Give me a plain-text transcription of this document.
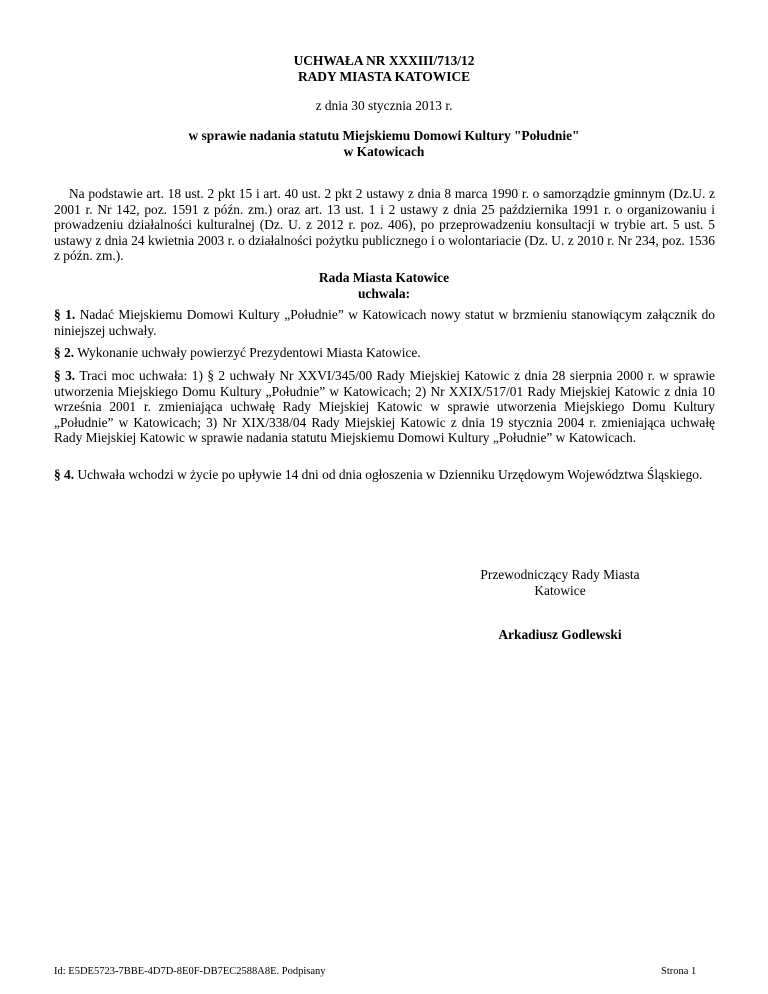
UCHWAŁA NR XXXIII/713/12
RADY MIASTA KATOWICE
z dnia 30 stycznia 2013 r.
w sprawie nadania statutu Miejskiemu Domowi Kultury "Południe"
w Katowicach
Na podstawie art. 18 ust. 2 pkt 15 i art. 40 ust. 2 pkt 2 ustawy z dnia 8 marca 1990 r. o samorządzie gminnym (Dz.U. z 2001 r. Nr 142, poz. 1591 z późn. zm.) oraz art. 13 ust. 1 i 2 ustawy z dnia 25 października 1991 r. o organizowaniu i prowadzeniu działalności kulturalnej (Dz. U. z 2012 r. poz. 406), po przeprowadzeniu konsultacji w trybie art. 5 ust. 5 ustawy z dnia 24 kwietnia 2003 r. o działalności pożytku publicznego i o wolontariacie (Dz. U. z 2010 r. Nr 234, poz. 1536 z późn. zm.).
Rada Miasta Katowice
uchwala:
§ 1. Nadać Miejskiemu Domowi Kultury „Południe” w Katowicach nowy statut w brzmieniu stanowiącym załącznik do niniejszej uchwały.
§ 2. Wykonanie uchwały powierzyć Prezydentowi Miasta Katowice.
§ 3. Traci moc uchwała: 1) § 2 uchwały Nr XXVI/345/00 Rady Miejskiej Katowic z dnia 28 sierpnia 2000 r. w sprawie utworzenia Miejskiego Domu Kultury „Południe” w Katowicach; 2) Nr XXIX/517/01 Rady Miejskiej Katowic z dnia 10 września 2001 r. zmieniająca uchwałę Rady Miejskiej Katowic w sprawie utworzenia Miejskiego Domu Kultury „Południe” w Katowicach; 3) Nr XIX/338/04 Rady Miejskiej Katowic z dnia 19 stycznia 2004 r. zmieniająca uchwałę Rady Miejskiej Katowic w sprawie nadania statutu Miejskiemu Domowi Kultury „Południe” w Katowicach.
§ 4. Uchwała wchodzi w życie po upływie 14 dni od dnia ogłoszenia w Dzienniku Urzędowym Województwa Śląskiego.
Przewodniczący Rady Miasta
Katowice
Arkadiusz Godlewski
Id: E5DE5723-7BBE-4D7D-8E0F-DB7EC2588A8E. Podpisany	Strona 1
